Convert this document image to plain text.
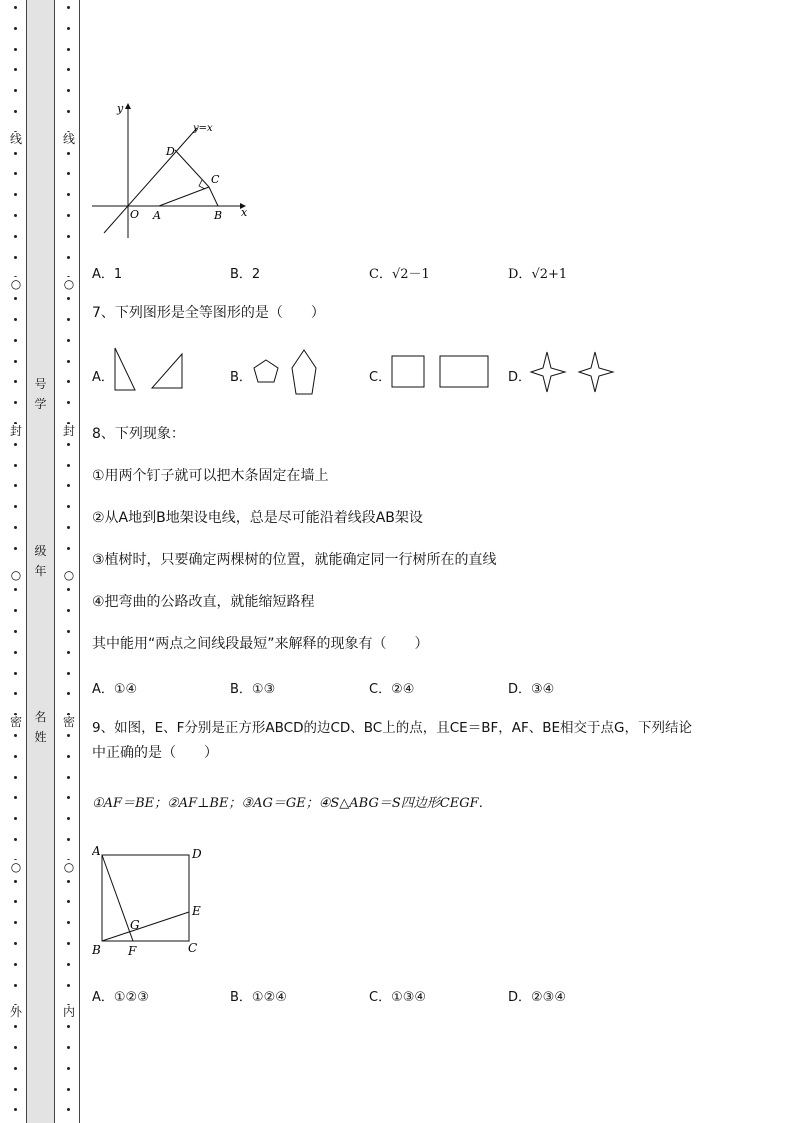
线
○
封
○
密
○
外
线
○
封
○
密
○
内
号
学
级
年
名
姓
y
y=x
D
C
O A	B x
A．1	B．2	C．√2－1	D．√2+1
7、下列图形是全等图形的是（　　）
A．	B．	C．	D．
8、下列现象：
①用两个钉子就可以把木条固定在墙上
②从A地到B地架设电线，总是尽可能沿着线段AB架设
③植树时，只要确定两棵树的位置，就能确定同一行树所在的直线
④把弯曲的公路改直，就能缩短路程
其中能用“两点之间线段最短”来解释的现象有（　　）
A．①④	B．①③	C．②④	D．③④
9、如图，E、F分别是正方形ABCD的边CD、BC上的点，且CE＝BF，AF、BE相交于点G，下列结论
中正确的是（　　）
①AF＝BE；②AF⊥BE；③AG＝GE；④S△ABG＝S四边形CEGF．
A	D
E
G
B F	C
A．①②③	B．①②④	C．①③④	D．②③④
